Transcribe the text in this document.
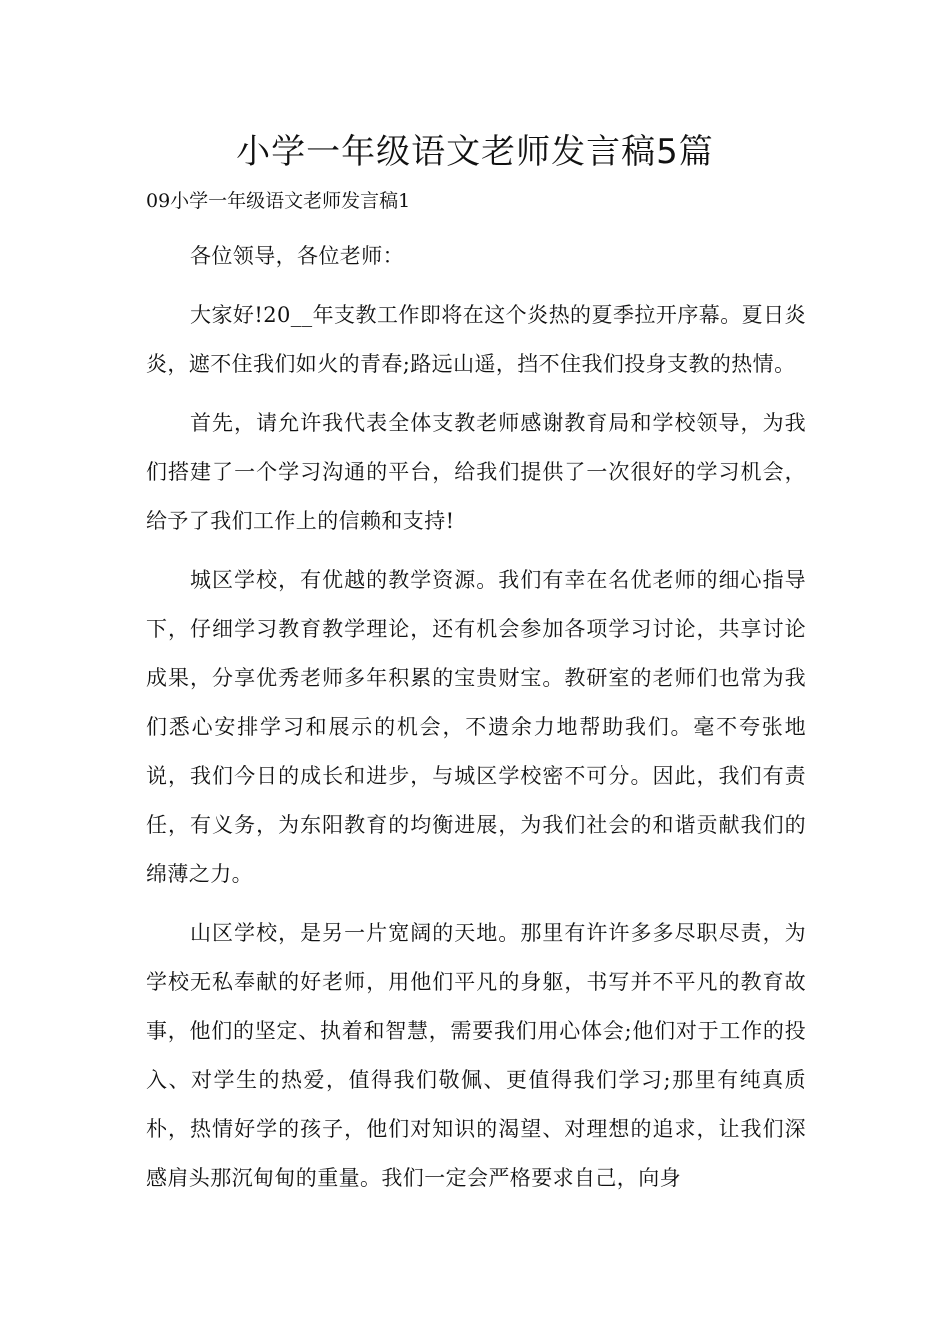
小学一年级语文老师发言稿5篇

09小学一年级语文老师发言稿1

各位领导，各位老师：

大家好!20__年支教工作即将在这个炎热的夏季拉开序幕。夏日炎炎，遮不住我们如火的青春;路远山遥，挡不住我们投身支教的热情。

首先，请允许我代表全体支教老师感谢教育局和学校领导，为我们搭建了一个学习沟通的平台，给我们提供了一次很好的学习机会，给予了我们工作上的信赖和支持!

城区学校，有优越的教学资源。我们有幸在名优老师的细心指导下，仔细学习教育教学理论，还有机会参加各项学习讨论，共享讨论成果，分享优秀老师多年积累的宝贵财宝。教研室的老师们也常为我们悉心安排学习和展示的机会，不遗余力地帮助我们。毫不夸张地说，我们今日的成长和进步，与城区学校密不可分。因此，我们有责任，有义务，为东阳教育的均衡进展，为我们社会的和谐贡献我们的绵薄之力。

山区学校，是另一片宽阔的天地。那里有许许多多尽职尽责，为学校无私奉献的好老师，用他们平凡的身躯，书写并不平凡的教育故事，他们的坚定、执着和智慧，需要我们用心体会;他们对于工作的投入、对学生的热爱，值得我们敬佩、更值得我们学习;那里有纯真质朴，热情好学的孩子，他们对知识的渴望、对理想的追求，让我们深感肩头那沉甸甸的重量。我们一定会严格要求自己，向身
